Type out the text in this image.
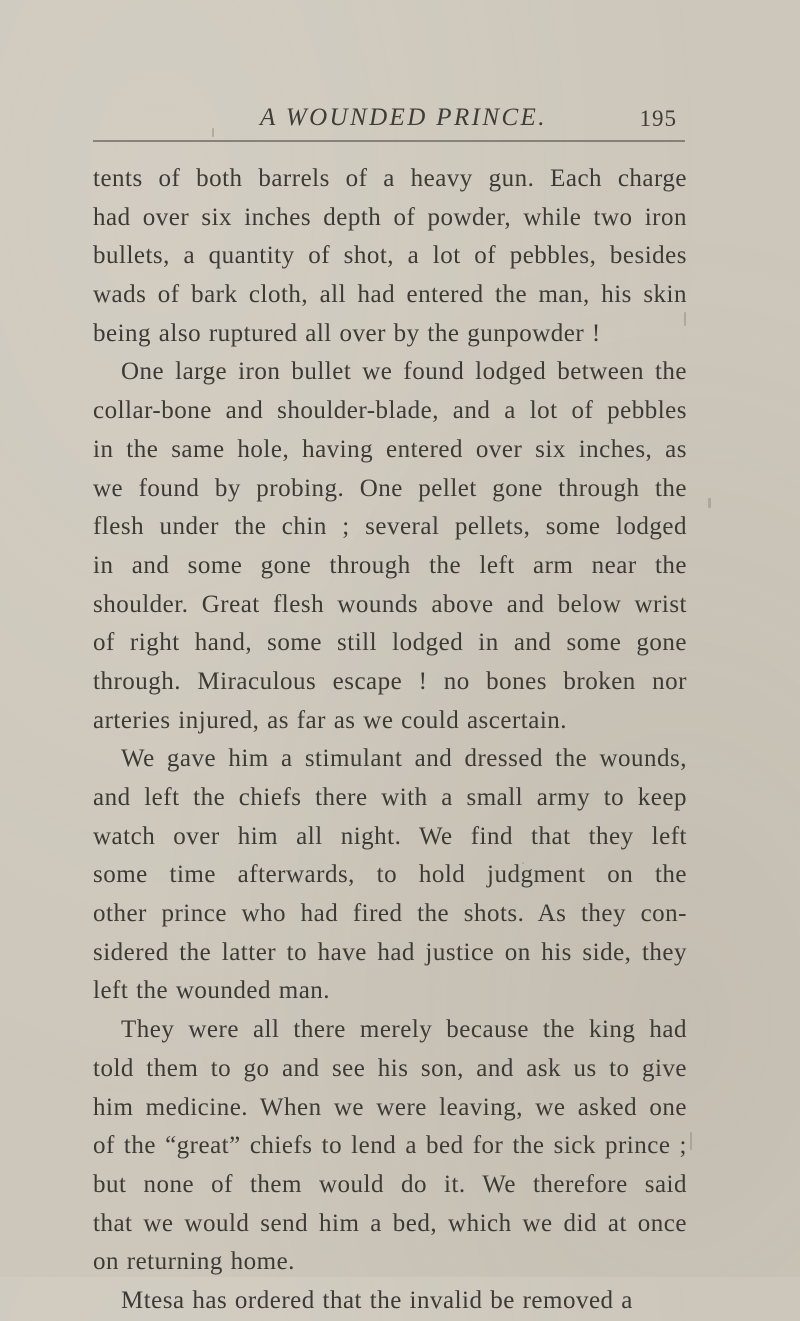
A WOUNDED PRINCE.	195
tents of both barrels of a heavy gun. Each charge
had over six inches depth of powder, while two iron
bullets, a quantity of shot, a lot of pebbles, besides
wads of bark cloth, all had entered the man, his skin
being also ruptured all over by the gunpowder !
One large iron bullet we found lodged between the
collar-bone and shoulder-blade, and a lot of pebbles
in the same hole, having entered over six inches, as
we found by probing. One pellet gone through the
flesh under the chin ; several pellets, some lodged
in and some gone through the left arm near the
shoulder. Great flesh wounds above and below wrist
of right hand, some still lodged in and some gone
through. Miraculous escape ! no bones broken nor
arteries injured, as far as we could ascertain.
We gave him a stimulant and dressed the wounds,
and left the chiefs there with a small army to keep
watch over him all night. We find that they left
some time afterwards, to hold judgment on the
other prince who had fired the shots. As they con-
sidered the latter to have had justice on his side, they
left the wounded man.
They were all there merely because the king had
told them to go and see his son, and ask us to give
him medicine. When we were leaving, we asked one
of the “great” chiefs to lend a bed for the sick prince ;
but none of them would do it. We therefore said
that we would send him a bed, which we did at once
on returning home.
Mtesa has ordered that the invalid be removed a
